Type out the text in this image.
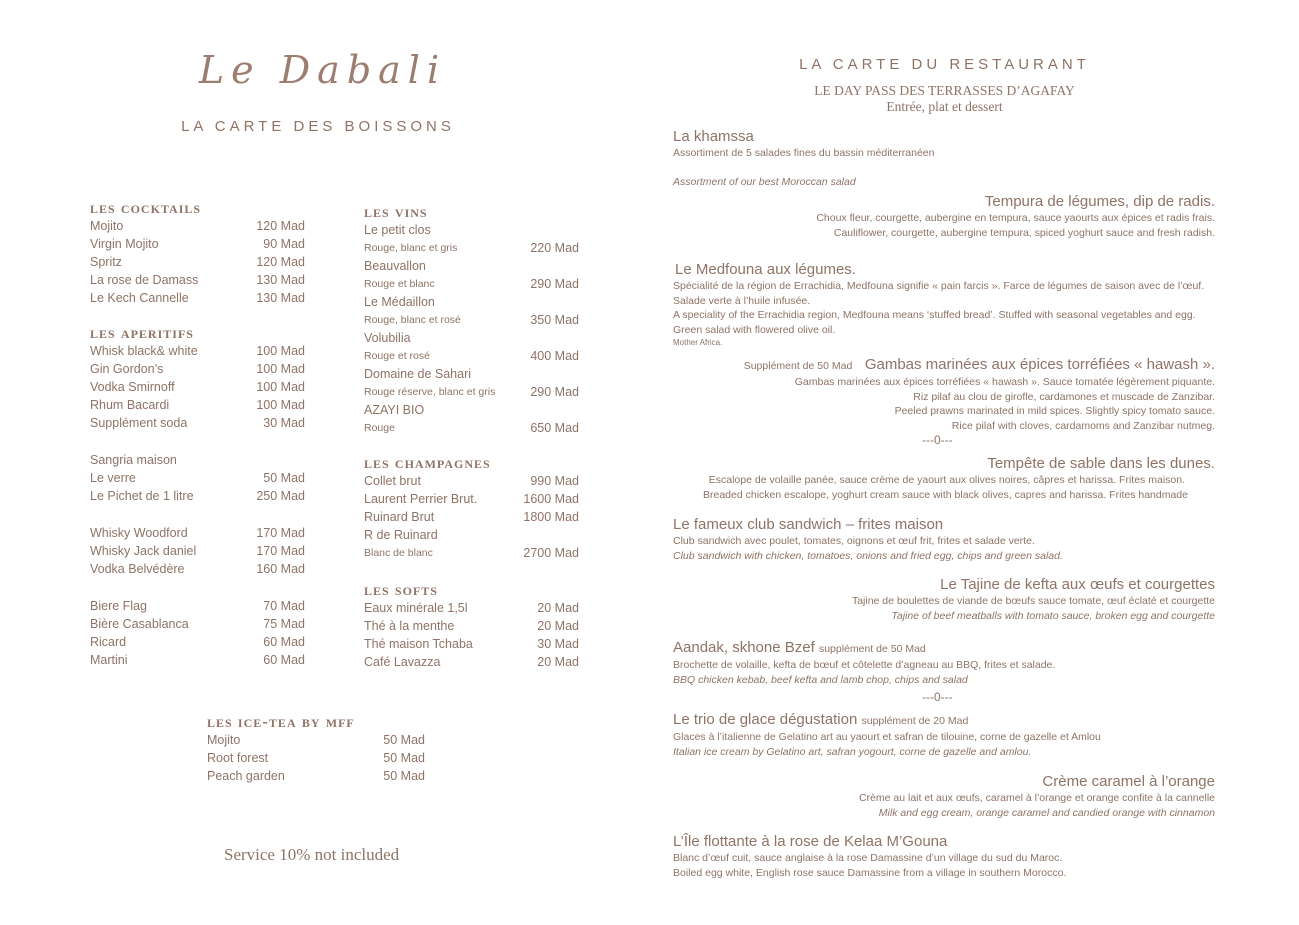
Le Dabali
LA CARTE DES BOISSONS
les cocktails
Mojito	120 Mad
Virgin Mojito	90 Mad
Spritz	120 Mad
La rose de Damass	130 Mad
Le Kech Cannelle	130 Mad
les aperitifs
Whisk black& white	100 Mad
Gin Gordon’s	100 Mad
Vodka Smirnoff	100 Mad
Rhum Bacardi	100 Mad
Supplément soda	30 Mad
Sangria maison
Le verre	50 Mad
Le Pichet de 1 litre	250 Mad
Whisky Woodford	170 Mad
Whisky Jack daniel	170 Mad
Vodka Belvédère	160 Mad
Biere Flag	70 Mad
Bière Casablanca	75 Mad
Ricard	60 Mad
Martini	60 Mad
les vins
Le petit clos
Rouge, blanc et gris	220 Mad
Beauvallon
Rouge et blanc	290 Mad
Le Médaillon
Rouge, blanc et rosé	350 Mad
Volubilia
Rouge et rosé	400 Mad
Domaine de Sahari
Rouge réserve, blanc et gris	290 Mad
AZAYI BIO
Rouge	650 Mad
les champagnes
Collet brut	990 Mad
Laurent Perrier Brut.	1600 Mad
Ruinard Brut	1800 Mad
R de Ruinard
Blanc de blanc	2700 Mad
les softs
Eaux minérale 1,5l	20 Mad
Thé à la menthe	20 Mad
Thé maison Tchaba	30 Mad
Café Lavazza	20 Mad
les ice-tea by mff
Mojito	50 Mad
Root forest	50 Mad
Peach garden	50 Mad
Service 10% not included
LA CARTE DU RESTAURANT
LE DAY PASS DES TERRASSES D’AGAFAY
Entrée, plat et dessert
La khamssa
Assortiment de 5 salades fines du bassin méditerranéen
Assortment of our best Moroccan salad
Tempura de légumes, dip de radis.
Choux fleur, courgette, aubergine en tempura, sauce yaourts aux épices et radis frais.
Cauliflower, courgette, aubergine tempura, spiced yoghurt sauce and fresh radish.
Le Medfouna aux légumes.
Spécialité de la région de Errachidia, Medfouna signifie « pain farcis ». Farce de légumes de saison avec de l’œuf.
Salade verte à l’huile infusée.
A speciality of the Errachidia region, Medfouna means ‘stuffed bread’. Stuffed with seasonal vegetables and egg.
Green salad with flowered olive oil.
Mother Africa.
Supplément de 50 Mad Gambas marinées aux épices torréfiées « hawash ».
Gambas marinées aux épices torréfiées « hawash ». Sauce tomatée légèrement piquante.
Riz pilaf au clou de girofle, cardamones et muscade de Zanzibar.
Peeled prawns marinated in mild spices. Slightly spicy tomato sauce.
Rice pilaf with cloves, cardamoms and Zanzibar nutmeg.
---0---
Tempête de sable dans les dunes.
Escalope de volaille panée, sauce crème de yaourt aux olives noires, câpres et harissa. Frites maison.
Breaded chicken escalope, yoghurt cream sauce with black olives, capres and harissa. Frites handmade
Le fameux club sandwich – frites maison
Club sandwich avec poulet, tomates, oignons et œuf frit, frites et salade verte.
Club sandwich with chicken, tomatoes, onions and fried egg, chips and green salad.
Le Tajine de kefta aux œufs et courgettes
Tajine de boulettes de viande de bœufs sauce tomate, œuf éclaté et courgette
Tajine of beef meatballs with tomato sauce, broken egg and courgette
Aandak, skhone Bzef supplément de 50 Mad
Brochette de volaille, kefta de bœuf et côtelette d’agneau au BBQ, frites et salade.
BBQ chicken kebab, beef kefta and lamb chop, chips and salad
---0---
Le trio de glace dégustation supplément de 20 Mad
Glaces à l’italienne de Gelatino art au yaourt et safran de tilouine, corne de gazelle et Amlou
Italian ice cream by Gelatino art, safran yogourt, corne de gazelle and amlou.
Crème caramel à l’orange
Crème au lait et aux œufs, caramel à l’orange et orange confite à la cannelle
Milk and egg cream, orange caramel and candied orange with cinnamon
L’Île flottante à la rose de Kelaa M’Gouna
Blanc d’œuf cuit, sauce anglaise à la rose Damassine d’un village du sud du Maroc.
Boiled egg white, English rose sauce Damassine from a village in southern Morocco.
